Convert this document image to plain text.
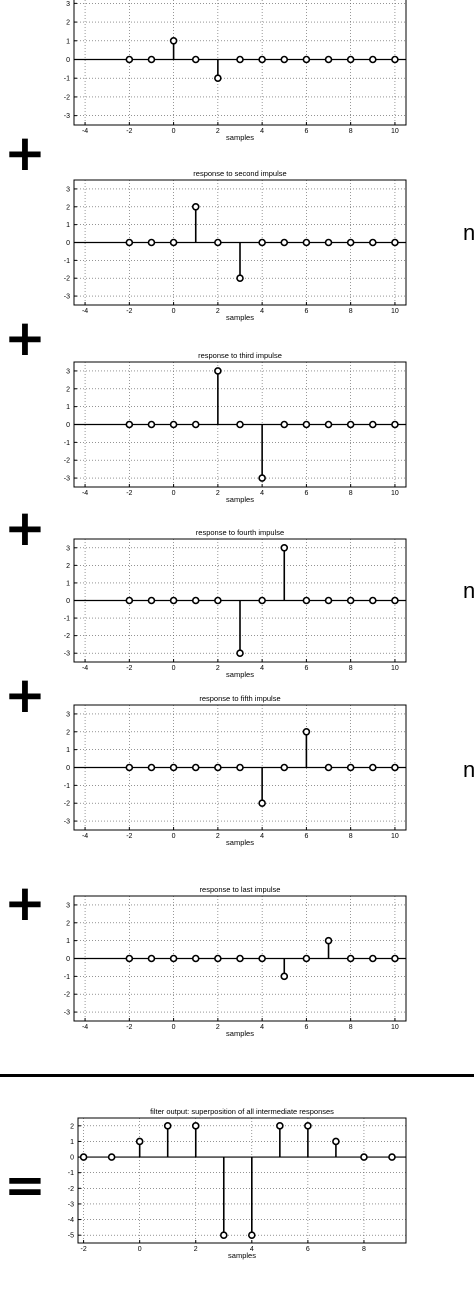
+
+
+
+
+
=
n
n
n
-4	-2	0	2	4	6	8	10
3
2
1
0
-1
-2
-3
samples
-4	-2	0	2	4	6	8	10
3
2
1
0
-1
-2
-3
response to second impulse
samples
-4	-2	0	2	4	6	8	10
3
2
1
0
-1
-2
-3
response to third impulse
samples
-4	-2	0	2	4	6	8	10
3
2
1
0
-1
-2
-3
response to fourth impulse
samples
-4	-2	0	2	4	6	8	10
3
2
1
0
-1
-2
-3
response to fifth impulse
samples
-4	-2	0	2	4	6	8	10
3
2
1
0
-1
-2
-3
response to last impulse
samples
-2	0	2	4	6	8
2
1
0
-1
-2
-3
-4
-5
filter output: superposition of all intermediate responses
samples
